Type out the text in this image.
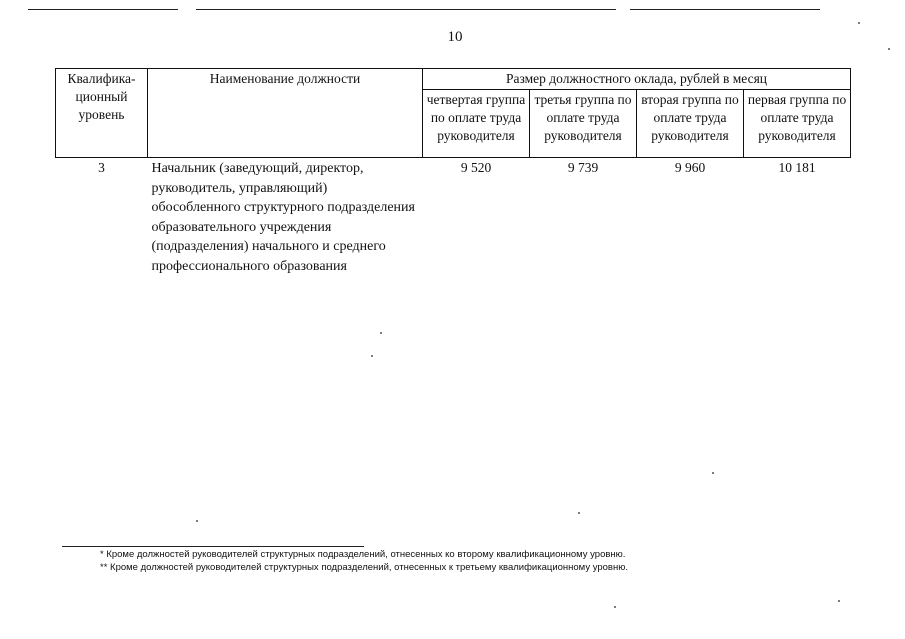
10
Квалифика-ционный уровень	Наименование должности	Размер должностного оклада, рублей в месяц			
		четвертая группа по оплате труда руководителя	третья группа по оплате труда руководителя	вторая группа по оплате труда руководителя	первая группа по оплате труда руководителя
3	Начальник (заведующий, директор, руководитель, управляющий) обособленного структурного подразделения образовательного учреждения (подразделения) начального и среднего профессионального образования	9 520	9 739	9 960	10 181
* Кроме должностей руководителей структурных подразделений, отнесенных ко второму квалификационному уровню.
** Кроме должностей руководителей структурных подразделений, отнесенных к третьему квалификационному уровню.
